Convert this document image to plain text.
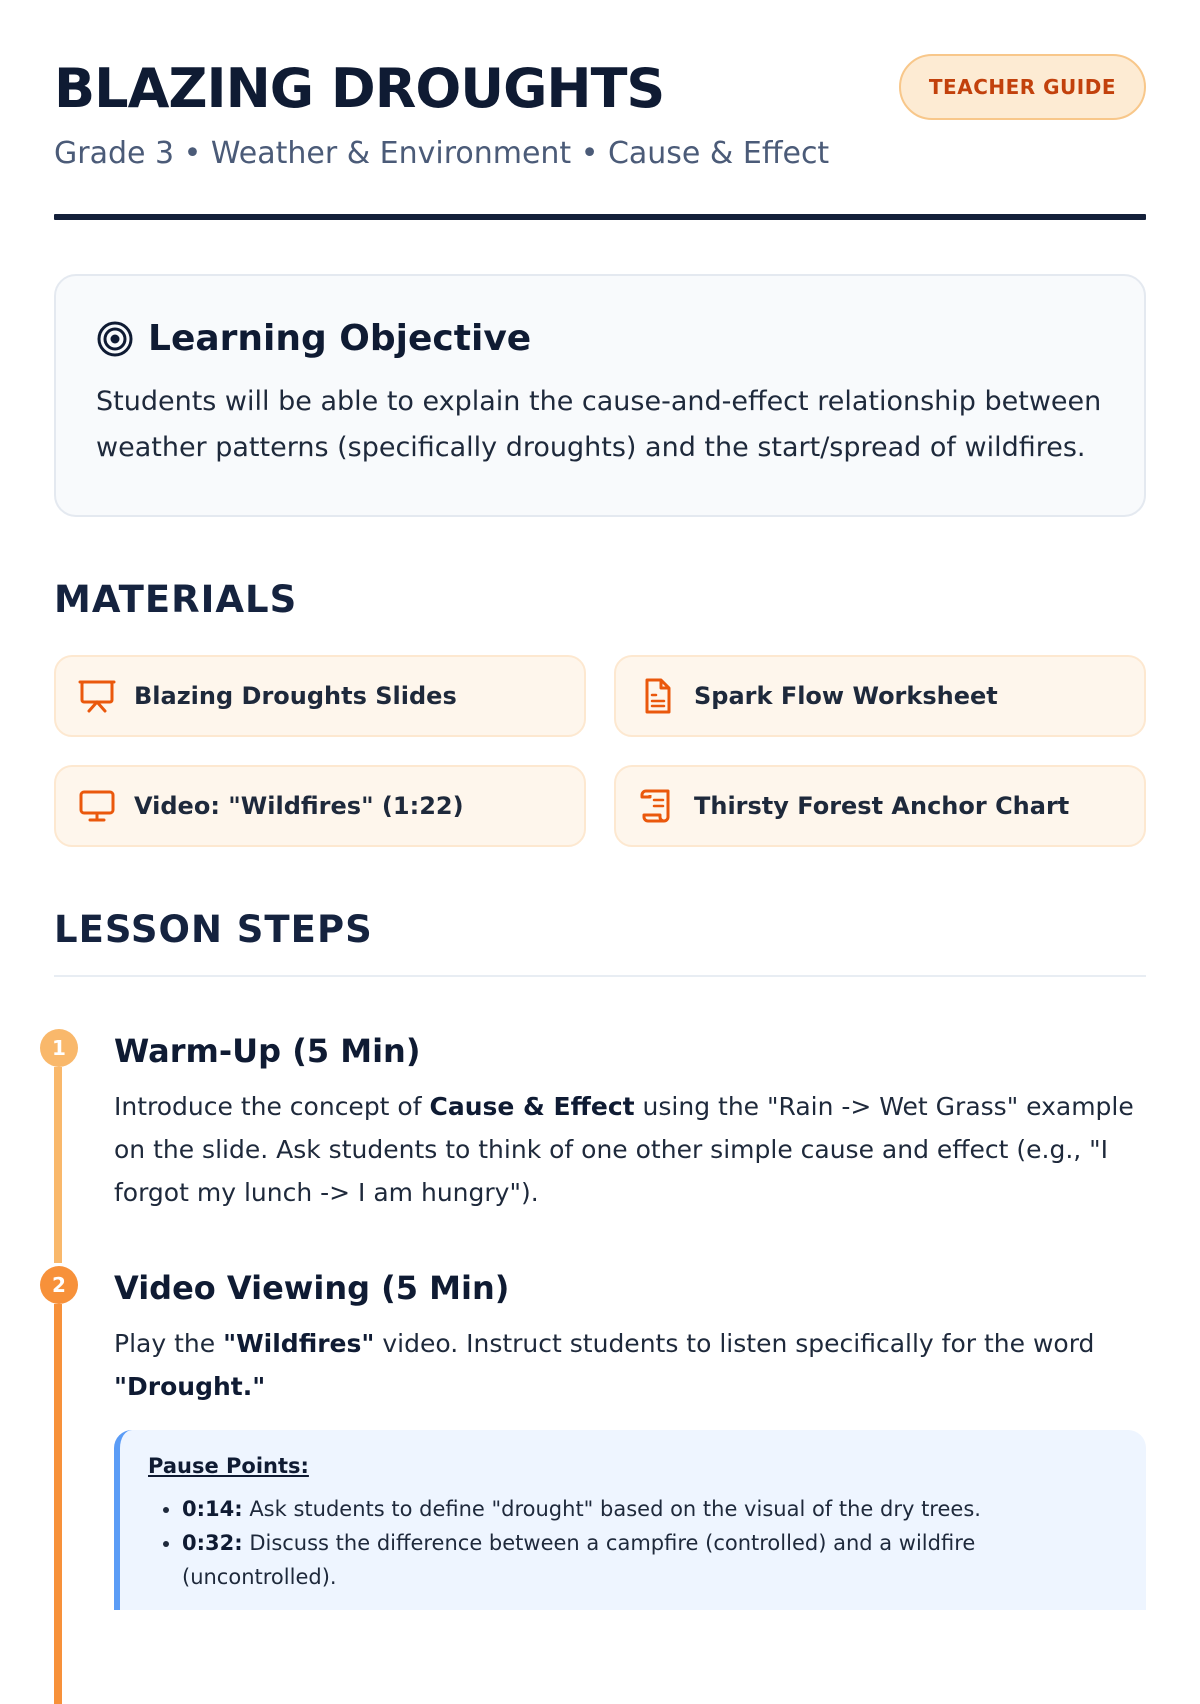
BLAZING DROUGHTS	TEACHER GUIDE
Grade 3 • Weather & Environment • Cause & Effect
Learning Objective
Students will be able to explain the cause-and-effect relationship between weather patterns (specifically droughts) and the start/spread of wildfires.
MATERIALS
Blazing Droughts Slides	Spark Flow Worksheet
Video: "Wildfires" (1:22)	Thirsty Forest Anchor Chart
LESSON STEPS
1	Warm-Up (5 Min)
Introduce the concept of Cause & Effect using the "Rain -> Wet Grass" example on the slide. Ask students to think of one other simple cause and effect (e.g., "I forgot my lunch -> I am hungry").
2	Video Viewing (5 Min)
Play the "Wildfires" video. Instruct students to listen specifically for the word "Drought."
Pause Points:
• 0:14: Ask students to define "drought" based on the visual of the dry trees.
• 0:32: Discuss the difference between a campfire (controlled) and a wildfire (uncontrolled).
